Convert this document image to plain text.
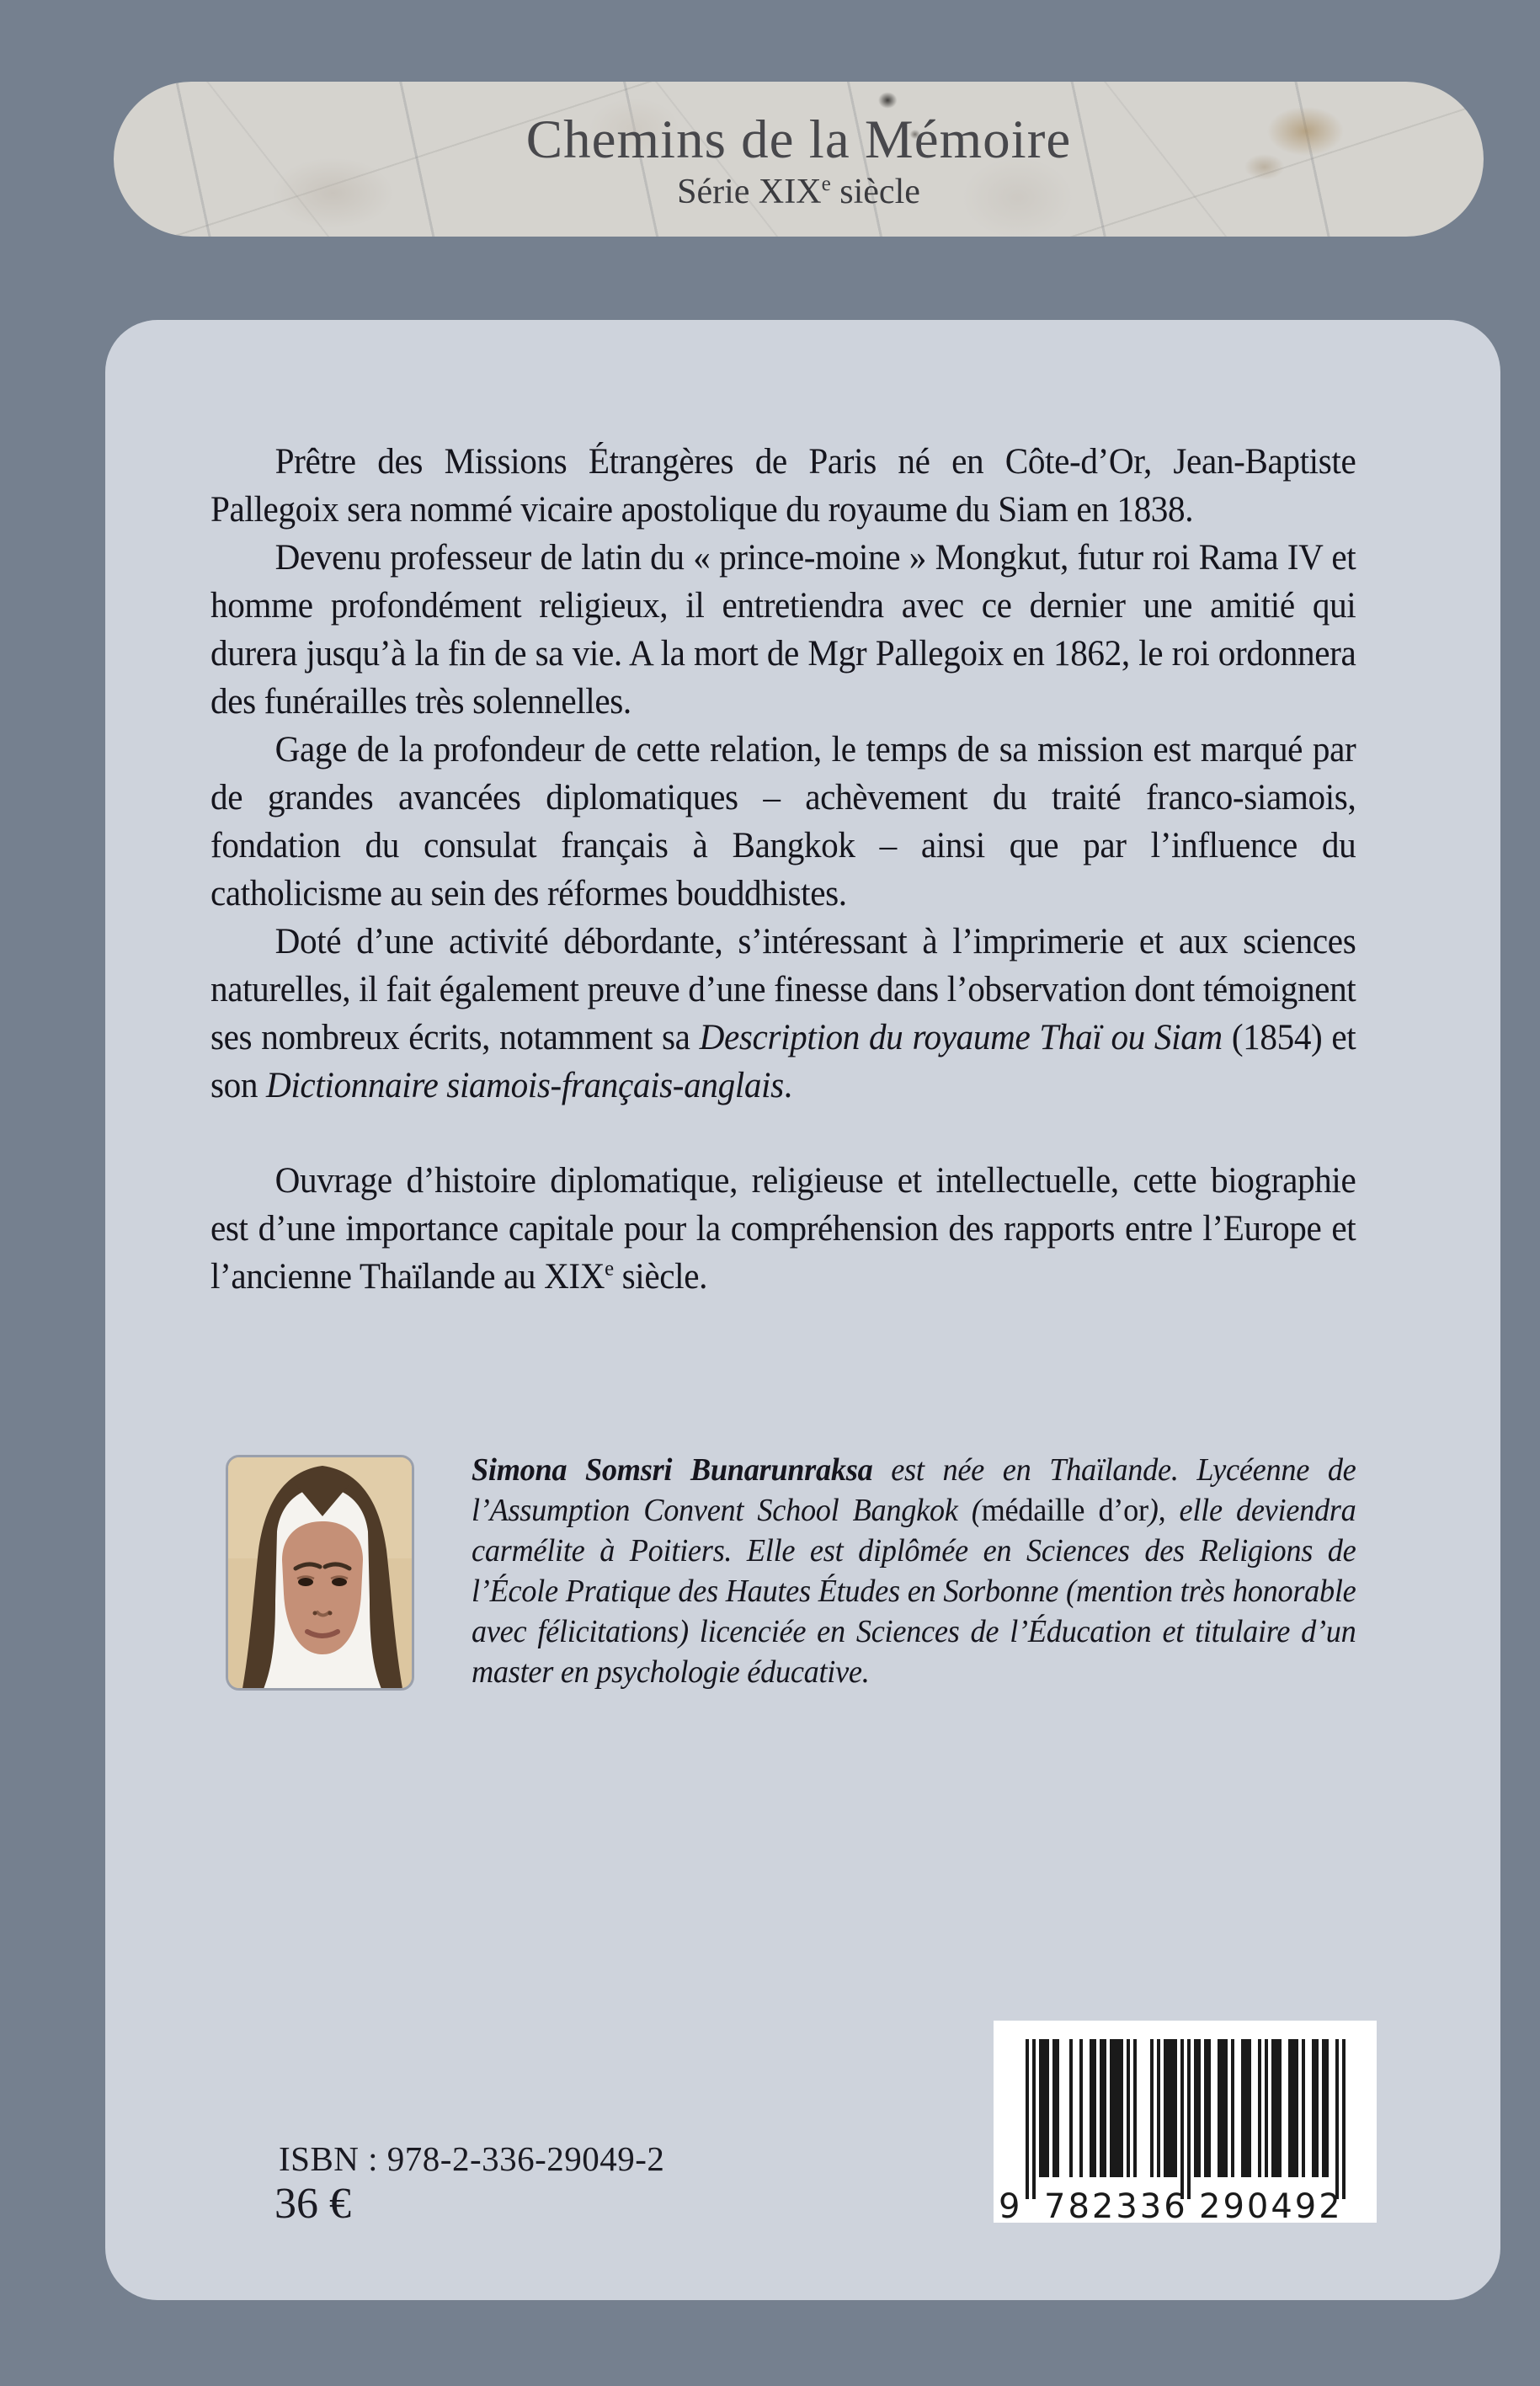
Chemins de la Mémoire
Série XIXe siècle

Prêtre des Missions Étrangères de Paris né en Côte-d’Or, Jean-Baptiste Pallegoix sera nommé vicaire apostolique du royaume du Siam en 1838.

Devenu professeur de latin du « prince-moine » Mongkut, futur roi Rama IV et homme profondément religieux, il entretiendra avec ce dernier une amitié qui durera jusqu’à la fin de sa vie. A la mort de Mgr Pallegoix en 1862, le roi ordonnera des funérailles très solennelles.

Gage de la profondeur de cette relation, le temps de sa mission est marqué par de grandes avancées diplomatiques – achèvement du traité franco-siamois, fondation du consulat français à Bangkok – ainsi que par l’influence du catholicisme au sein des réformes bouddhistes.

Doté d’une activité débordante, s’intéressant à l’imprimerie et aux sciences naturelles, il fait également preuve d’une finesse dans l’observation dont témoignent ses nombreux écrits, notamment sa Description du royaume Thaï ou Siam (1854) et son Dictionnaire siamois-français-anglais.

Ouvrage d’histoire diplomatique, religieuse et intellectuelle, cette biographie est d’une importance capitale pour la compréhension des rapports entre l’Europe et l’ancienne Thaïlande au XIXe siècle.

Simona Somsri Bunarunraksa est née en Thaïlande. Lycéenne de l’Assumption Convent School Bangkok (médaille d’or), elle deviendra carmélite à Poitiers. Elle est diplômée en Sciences des Religions de l’École Pratique des Hautes Études en Sorbonne (mention très honorable avec félicitations) licenciée en Sciences de l’Éducation et titulaire d’un master en psychologie éducative.
ISBN : 978-2-336-29049-2
36 €	9 782336 290492
